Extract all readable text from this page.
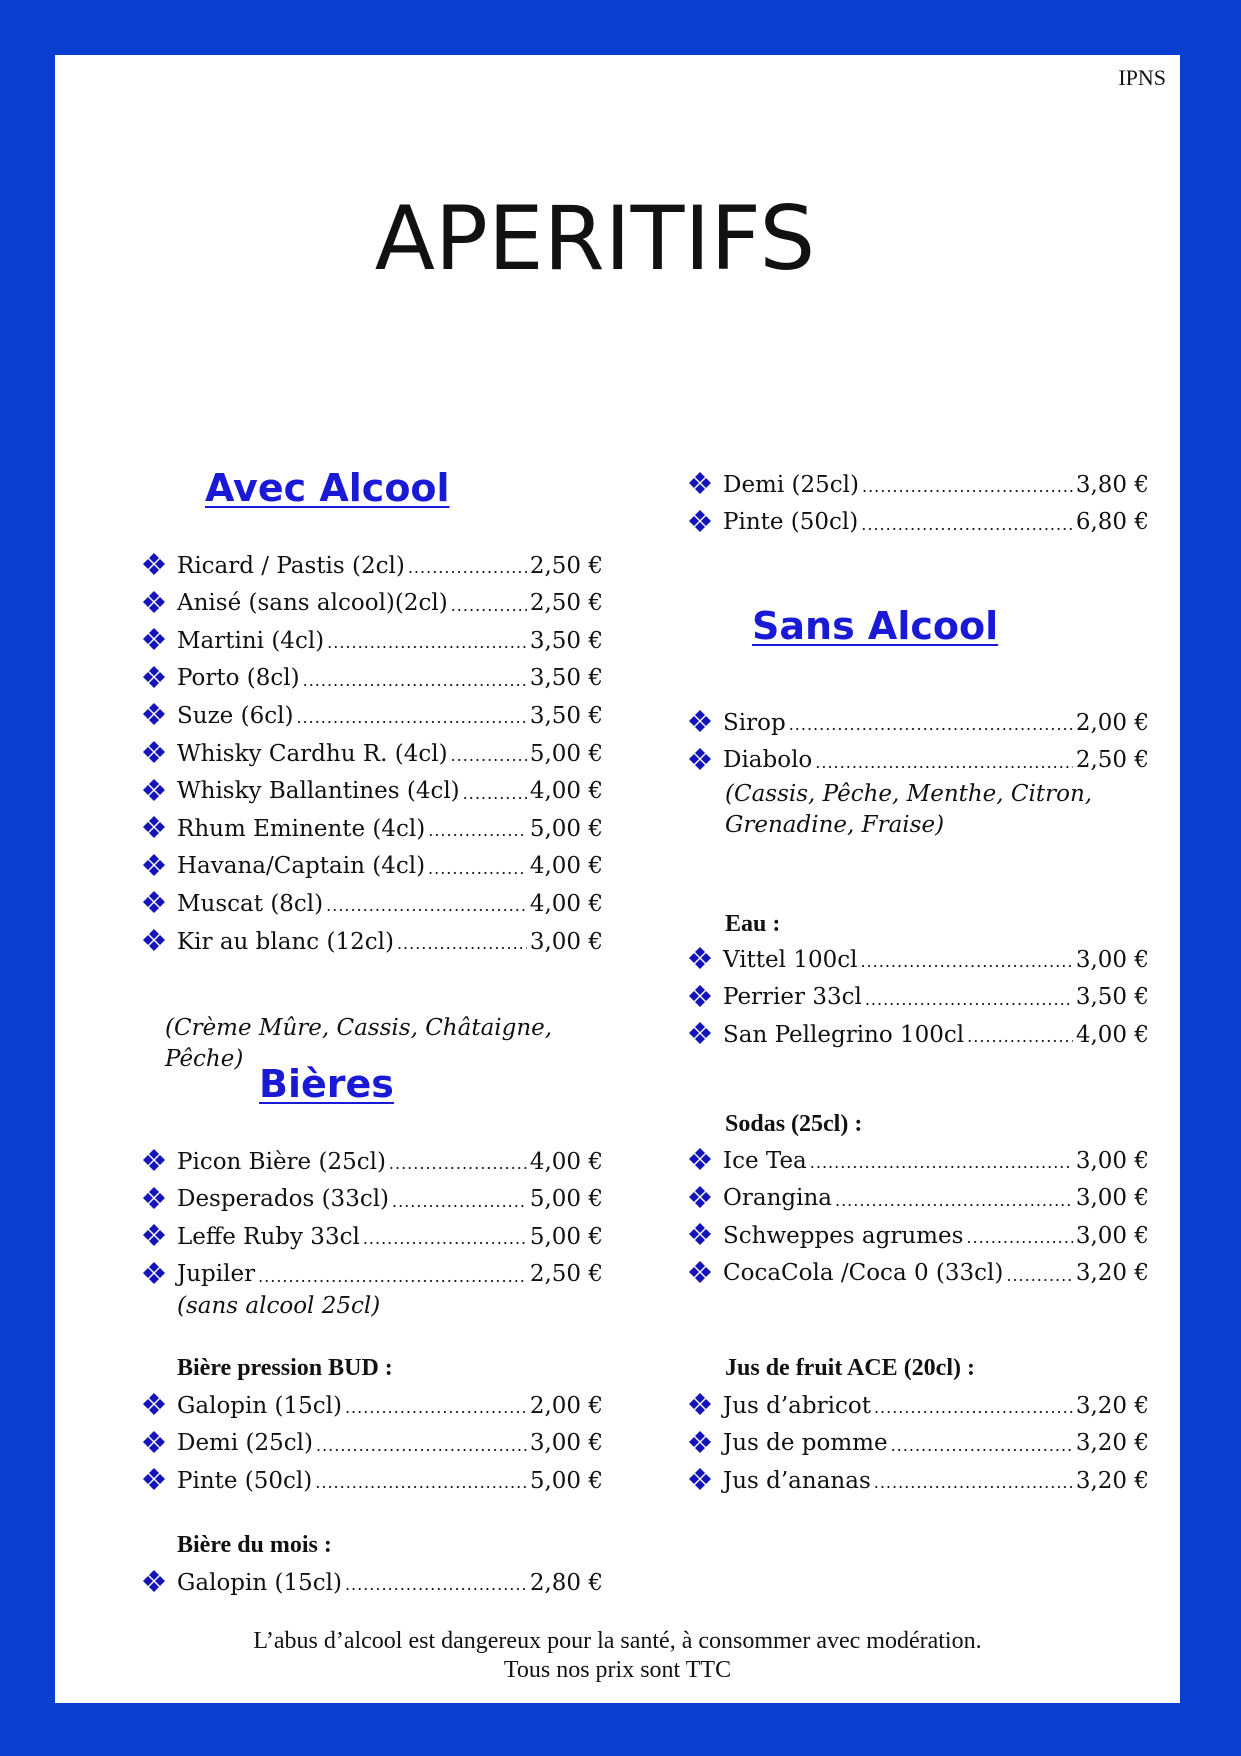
IPNS
APERITIFS
Avec Alcool
Ricard / Pastis (2cl) .....	2,50 €
Anisé (sans alcool)(2cl) .....	2,50 €
Martini (4cl) .....	3,50 €
Porto (8cl) .....	3,50 €
Suze (6cl) .....	3,50 €
Whisky Cardhu R. (4cl) .....	5,00 €
Whisky Ballantines (4cl) .....	4,00 €
Rhum Eminente (4cl) .....	5,00 €
Havana/Captain (4cl) .....	4,00 €
Muscat (8cl) .....	4,00 €
Kir au blanc (12cl) .....	3,00 €
(Crème Mûre, Cassis, Châtaigne,
Pêche)
Bières
Picon Bière (25cl) .....	4,00 €
Desperados (33cl) .....	5,00 €
Leffe Ruby 33cl .....	5,00 €
Jupiler .....	2,50 €
(sans alcool 25cl)
Bière pression BUD :
Galopin (15cl) .....	2,00 €
Demi (25cl) .....	3,00 €
Pinte (50cl) .....	5,00 €
Bière du mois :
Galopin (15cl) .....	2,80 €
Demi (25cl) .....	3,80 €
Pinte (50cl) .....	6,80 €
Sans Alcool
Sirop .....	2,00 €
Diabolo .....	2,50 €
(Cassis, Pêche, Menthe, Citron,
Grenadine, Fraise)
Eau :
Vittel 100cl .....	3,00 €
Perrier 33cl .....	3,50 €
San Pellegrino 100cl .....	4,00 €
Sodas (25cl) :
Ice Tea .....	3,00 €
Orangina .....	3,00 €
Schweppes agrumes .....	3,00 €
CocaCola /Coca 0 (33cl) .....	3,20 €
Jus de fruit ACE (20cl) :
Jus d’abricot .....	3,20 €
Jus de pomme .....	3,20 €
Jus d’ananas .....	3,20 €
L’abus d’alcool est dangereux pour la santé, à consommer avec modération.
Tous nos prix sont TTC
